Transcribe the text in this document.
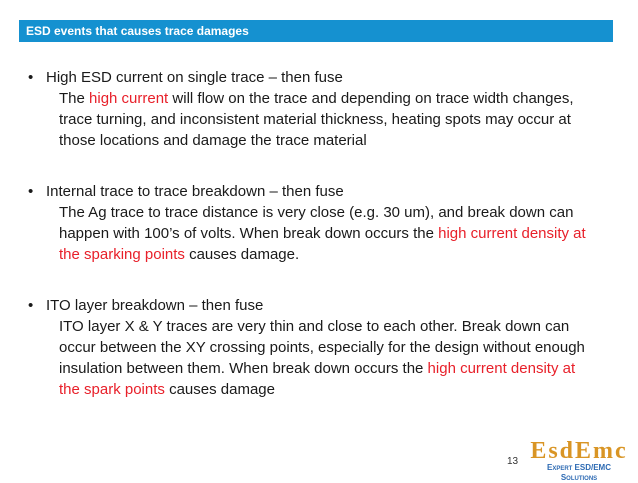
ESD events that causes trace damages
• High ESD current on single trace – then fuse
The high current will flow on the trace and depending on trace width changes, trace turning, and inconsistent material thickness, heating spots may occur at those locations and damage the trace material
• Internal trace to trace breakdown – then fuse
The Ag trace to trace distance is very close (e.g. 30 um), and break down can happen with 100’s of volts. When break down occurs the high current density at the sparking points causes damage.
• ITO layer breakdown – then fuse
ITO layer X & Y traces are very thin and close to each other. Break down can occur between the XY crossing points, especially for the design without enough insulation between them. When break down occurs the high current density at the spark points causes damage
13 EsdEmc
Expert ESD/EMC Solutions
